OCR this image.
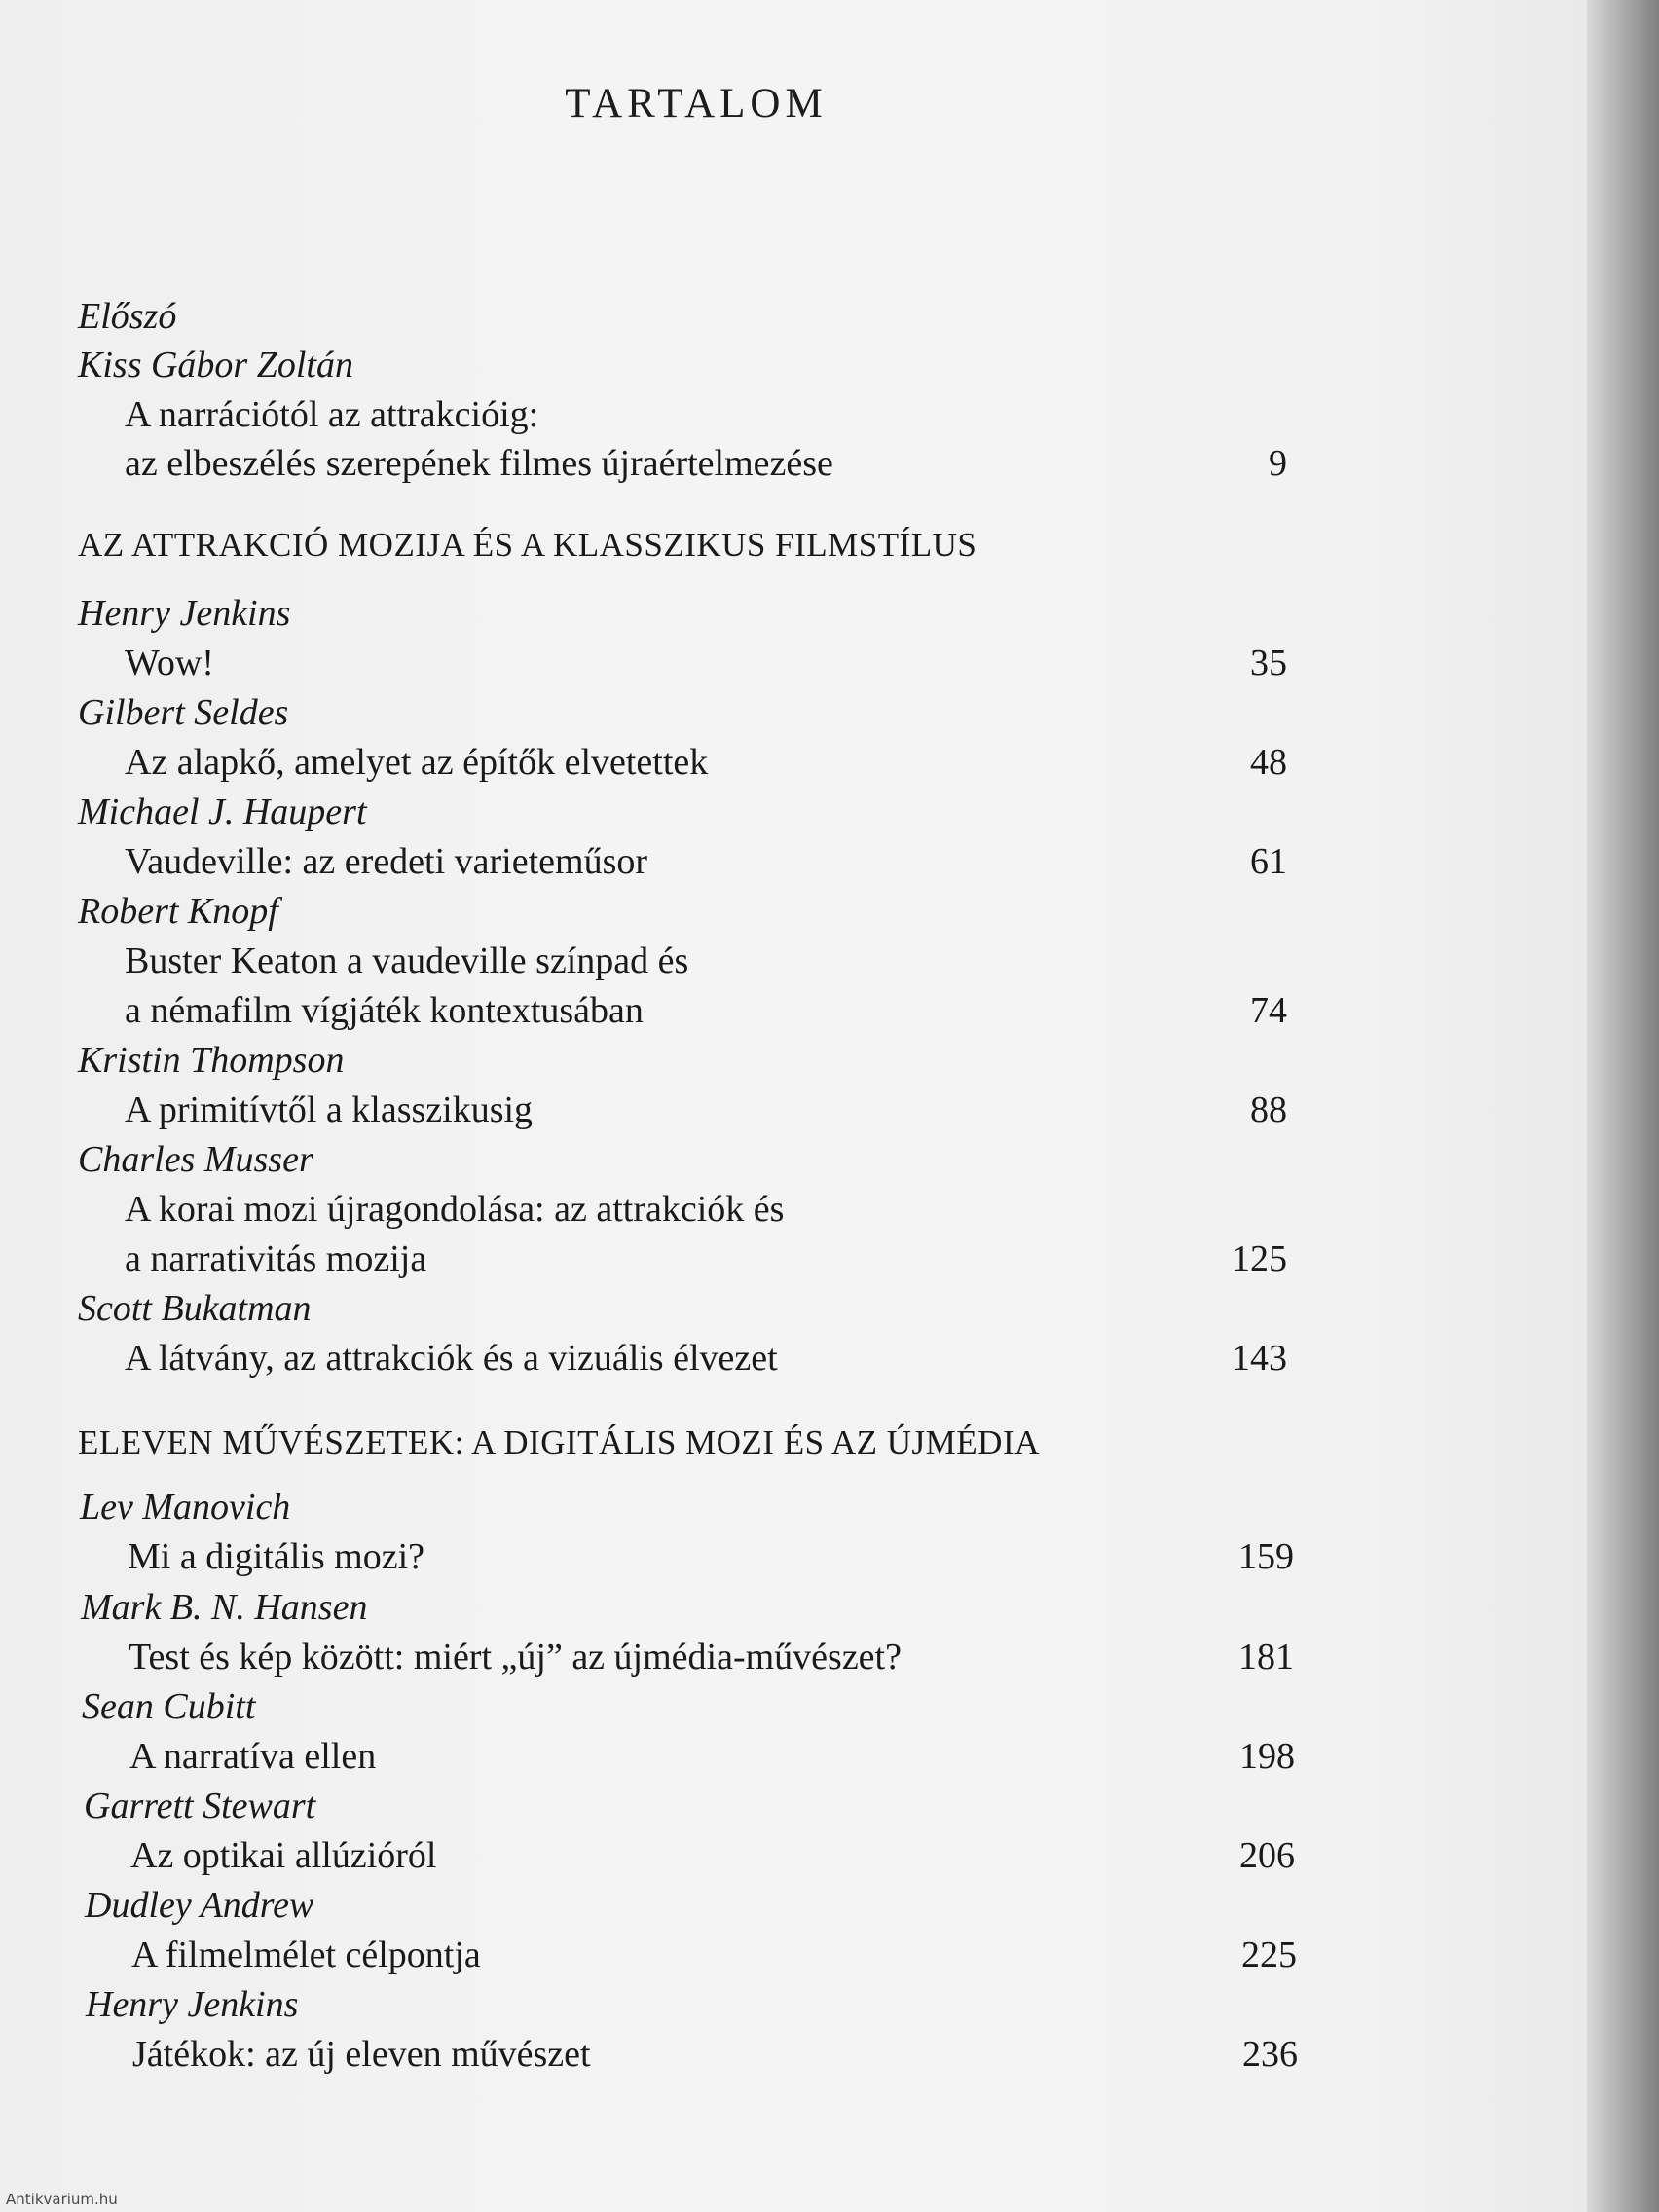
TARTALOM
Előszó
Kiss Gábor Zoltán
A narrációtól az attrakcióig:
az elbeszélés szerepének filmes újraértelmezése	9
AZ ATTRAKCIÓ MOZIJA ÉS A KLASSZIKUS FILMSTÍLUS
Henry Jenkins
Wow!	35
Gilbert Seldes
Az alapkő, amelyet az építők elvetettek	48
Michael J. Haupert
Vaudeville: az eredeti varieteműsor	61
Robert Knopf
Buster Keaton a vaudeville színpad és
a némafilm vígjáték kontextusában	74
Kristin Thompson
A primitívtől a klasszikusig	88
Charles Musser
A korai mozi újragondolása: az attrakciók és
a narrativitás mozija	125
Scott Bukatman
A látvány, az attrakciók és a vizuális élvezet	143
ELEVEN MŰVÉSZETEK: A DIGITÁLIS MOZI ÉS AZ ÚJMÉDIA
Lev Manovich
Mi a digitális mozi?	159
Mark B. N. Hansen
Test és kép között: miért „új” az újmédia-művészet?	181
Sean Cubitt
A narratíva ellen	198
Garrett Stewart
Az optikai allúzióról	206
Dudley Andrew
A filmelmélet célpontja	225
Henry Jenkins
Játékok: az új eleven művészet	236
Antikvarium.hu
